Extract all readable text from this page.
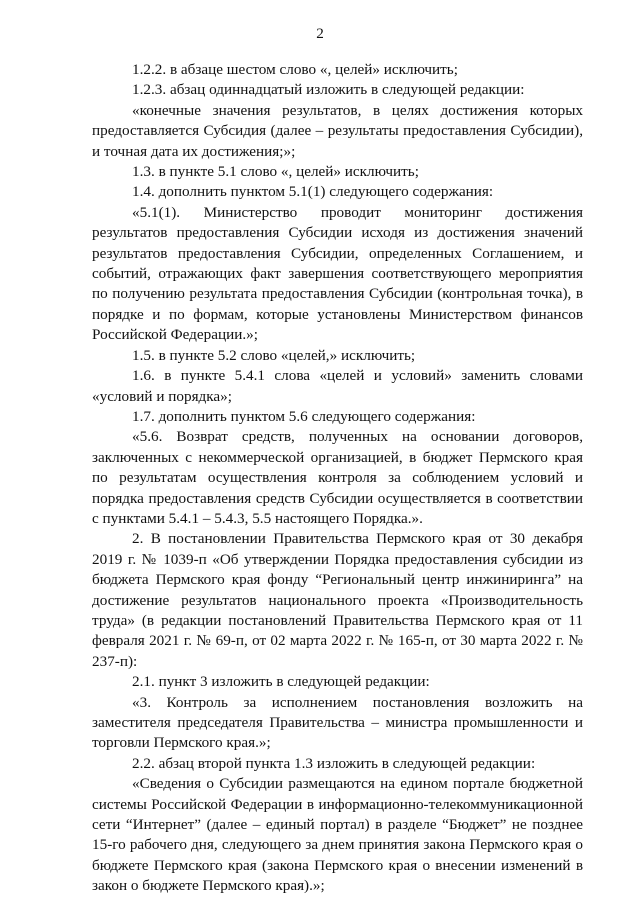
2

1.2.2. в абзаце шестом слово «, целей» исключить;

1.2.3. абзац одиннадцатый изложить в следующей редакции:

«конечные значения результатов, в целях достижения которых предоставляется Субсидия (далее – результаты предоставления Субсидии), и точная дата их достижения;»;

1.3. в пункте 5.1 слово «, целей» исключить;

1.4. дополнить пунктом 5.1(1) следующего содержания:

«5.1(1). Министерство проводит мониторинг достижения результатов предоставления Субсидии исходя из достижения значений результатов предоставления Субсидии, определенных Соглашением, и событий, отражающих факт завершения соответствующего мероприятия по получению результата предоставления Субсидии (контрольная точка), в порядке и по формам, которые установлены Министерством финансов Российской Федерации.»;

1.5. в пункте 5.2 слово «целей,» исключить;

1.6. в пункте 5.4.1 слова «целей и условий» заменить словами «условий и порядка»;

1.7. дополнить пунктом 5.6 следующего содержания:

«5.6. Возврат средств, полученных на основании договоров, заключенных с некоммерческой организацией, в бюджет Пермского края по результатам осуществления контроля за соблюдением условий и порядка предоставления средств Субсидии осуществляется в соответствии с пунктами 5.4.1 – 5.4.3, 5.5 настоящего Порядка.».

2. В постановлении Правительства Пермского края от 30 декабря 2019 г. № 1039-п «Об утверждении Порядка предоставления субсидии из бюджета Пермского края фонду “Региональный центр инжиниринга” на достижение результатов национального проекта «Производительность труда» (в редакции постановлений Правительства Пермского края от 11 февраля 2021 г. № 69-п, от 02 марта 2022 г. № 165-п, от 30 марта 2022 г. № 237-п):

2.1. пункт 3 изложить в следующей редакции:

«3. Контроль за исполнением постановления возложить на заместителя председателя Правительства – министра промышленности и торговли Пермского края.»;

2.2. абзац второй пункта 1.3 изложить в следующей редакции:

«Сведения о Субсидии размещаются на едином портале бюджетной системы Российской Федерации в информационно-телекоммуникационной сети “Интернет” (далее – единый портал) в разделе “Бюджет” не позднее 15-го рабочего дня, следующего за днем принятия закона Пермского края о бюджете Пермского края (закона Пермского края о внесении изменений в закон о бюджете Пермского края).»;
